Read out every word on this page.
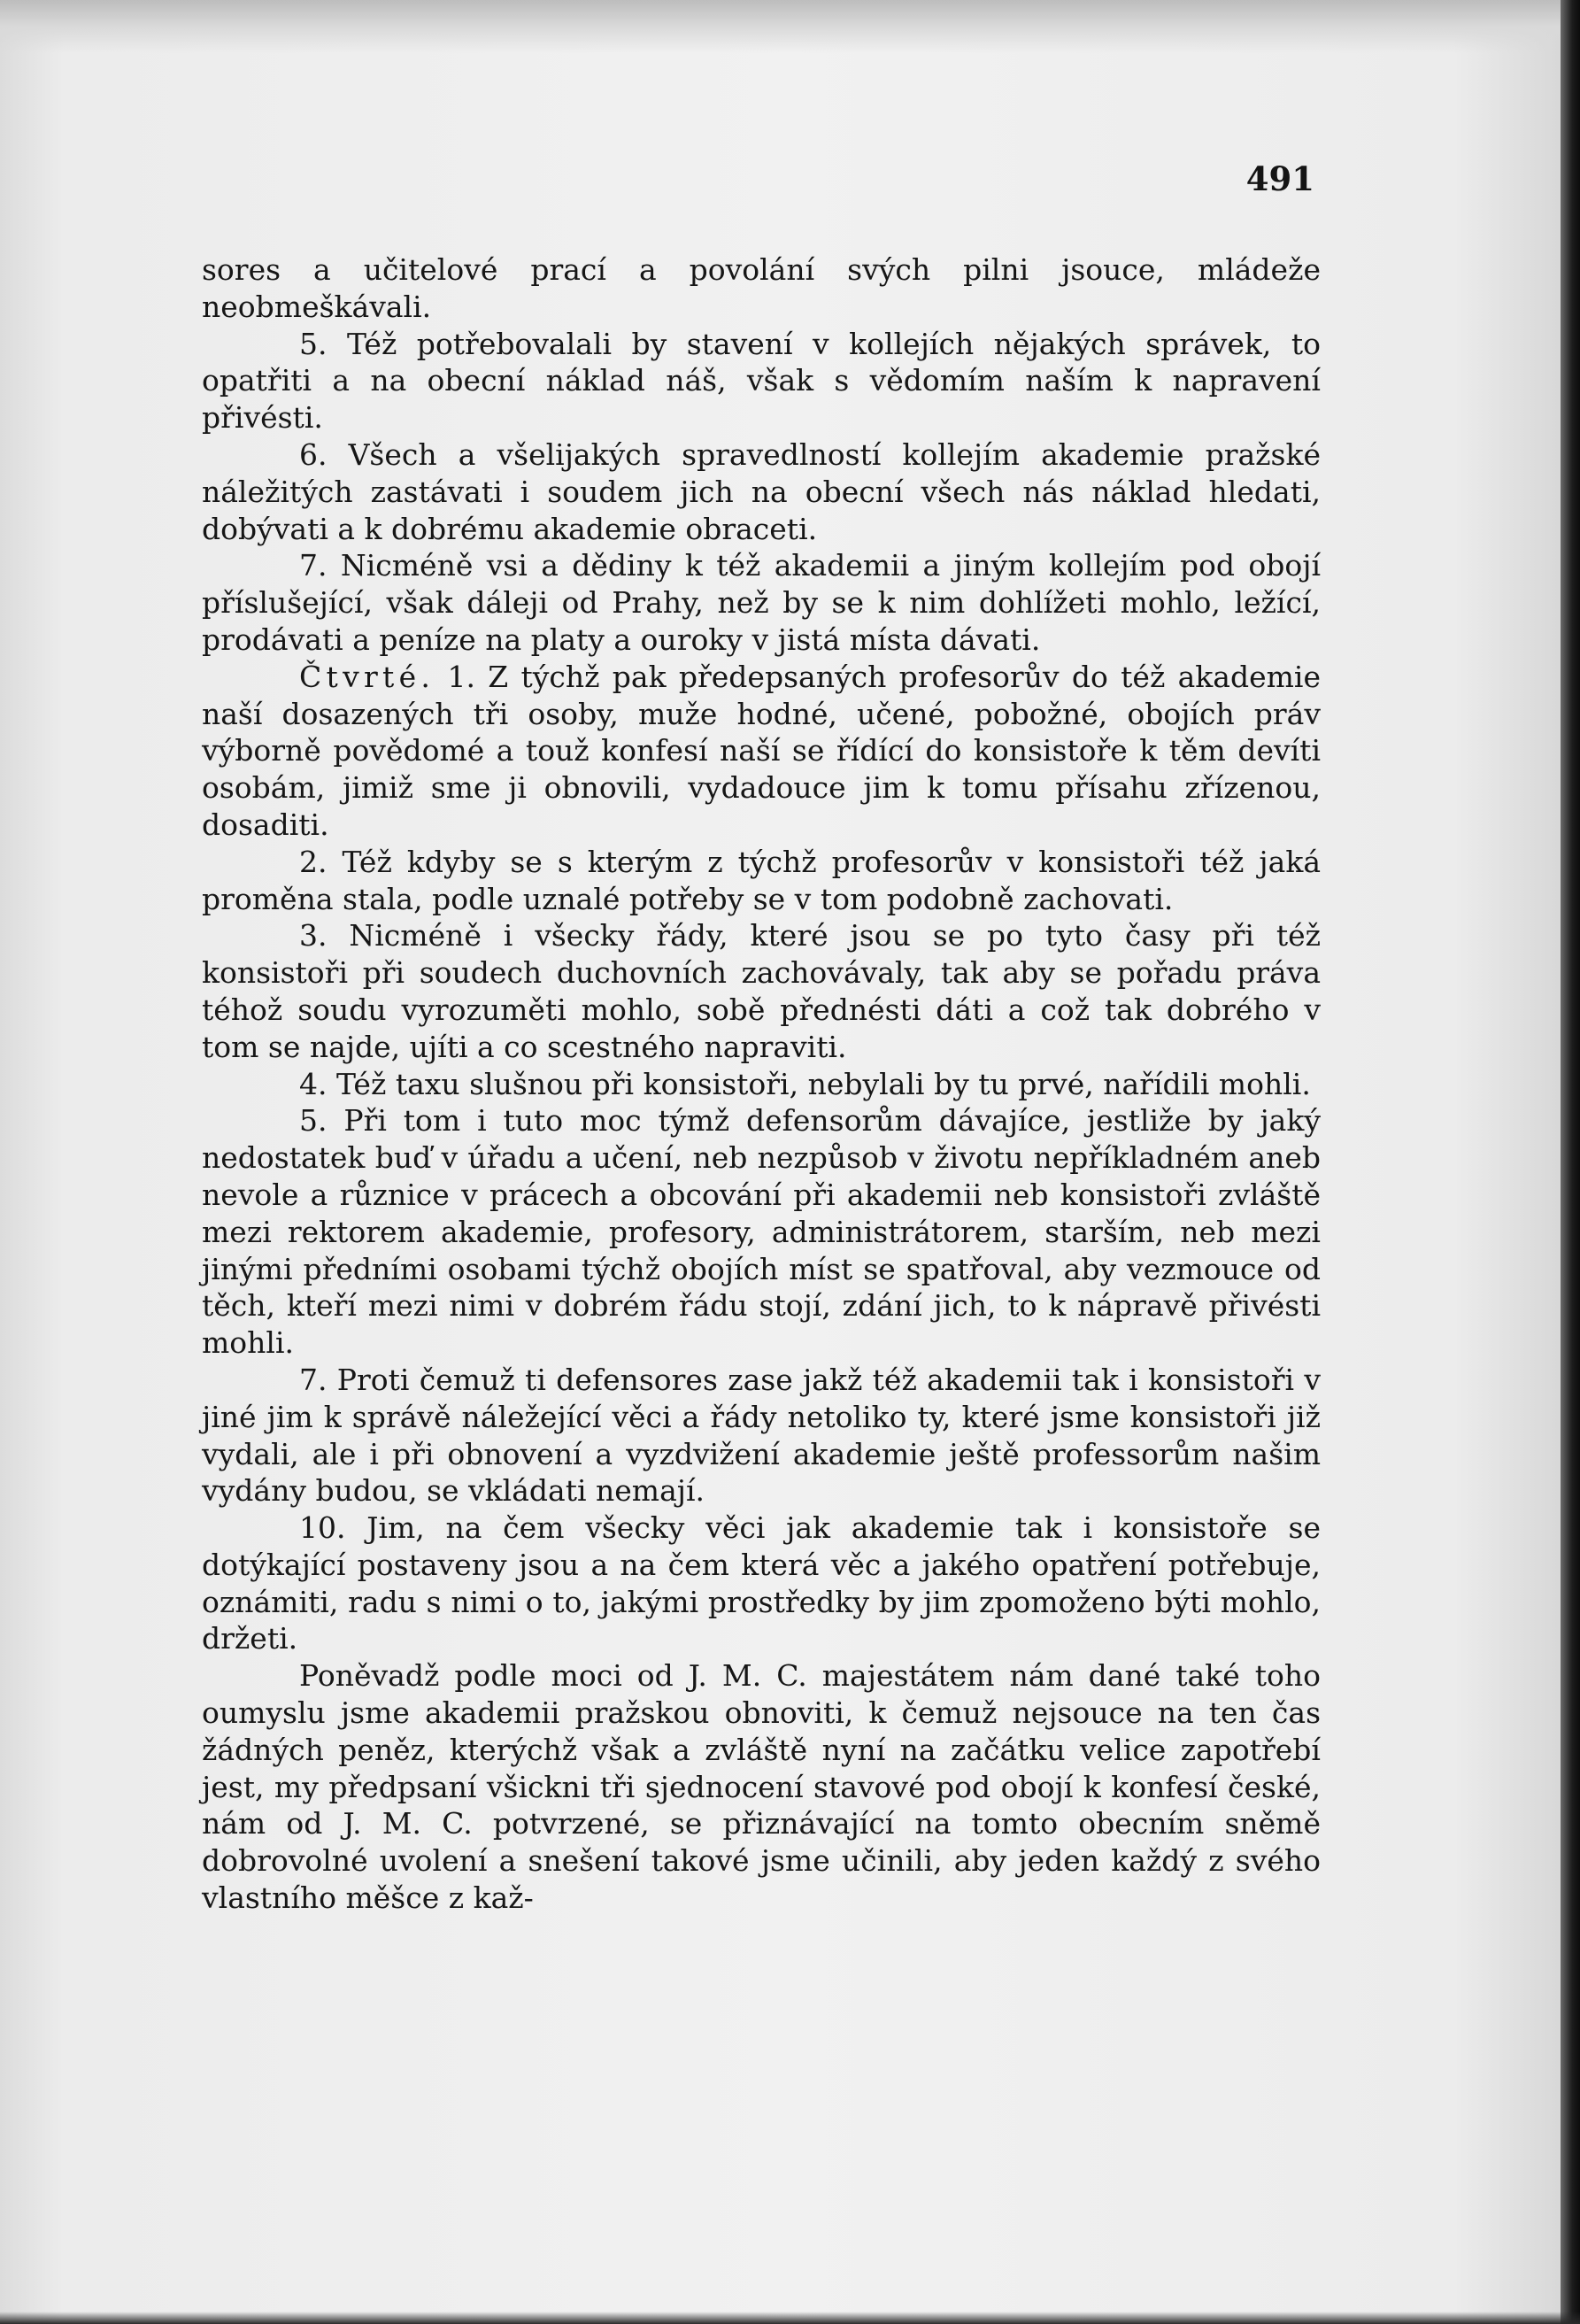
491

sores a učitelové prací a povolání svých pilni jsouce, mládeže neobmeškávali.

5. Též potřebovalali by stavení v kollejích nějakých správek, to opatřiti a na obecní náklad náš, však s vědomím naším k napravení přivésti.

6. Všech a všelijakých spravedlností kollejím akademie pražské náležitých zastávati i soudem jich na obecní všech nás náklad hledati, dobývati a k dobrému akademie obraceti.

7. Nicméně vsi a dědiny k též akademii a jiným kollejím pod obojí příslušející, však dáleji od Prahy, než by se k nim dohlížeti mohlo, ležící, prodávati a peníze na platy a ouroky v jistá místa dávati.

Čtvrté. 1. Z týchž pak předepsaných profesorův do též akademie naší dosazených tři osoby, muže hodné, učené, pobožné, obojích práv výborně povědomé a touž konfesí naší se řídící do konsistoře k těm devíti osobám, jimiž sme ji obnovili, vydadouce jim k tomu přísahu zřízenou, dosaditi.

2. Též kdyby se s kterým z týchž profesorův v konsistoři též jaká proměna stala, podle uznalé potřeby se v tom podobně zachovati.

3. Nicméně i všecky řády, které jsou se po tyto časy při též konsistoři při soudech duchovních zachovávaly, tak aby se pořadu práva téhož soudu vyrozuměti mohlo, sobě přednésti dáti a což tak dobrého v tom se najde, ujíti a co scestného napraviti.

4. Též taxu slušnou při konsistoři, nebylali by tu prvé, nařídili mohli.

5. Při tom i tuto moc týmž defensorům dávajíce, jestliže by jaký nedostatek buď v úřadu a učení, neb nezpůsob v životu nepříkladném aneb nevole a různice v prácech a obcování při akademii neb konsistoři zvláště mezi rektorem akademie, profesory, administrátorem, starším, neb mezi jinými předními osobami týchž obojích míst se spatřoval, aby vezmouce od těch, kteří mezi nimi v dobrém řádu stojí, zdání jich, to k nápravě přivésti mohli.

7. Proti čemuž ti defensores zase jakž též akademii tak i konsistoři v jiné jim k správě náležející věci a řády netoliko ty, které jsme konsistoři již vydali, ale i při obnovení a vyzdvižení akademie ještě professorům našim vydány budou, se vkládati nemají.

10. Jim, na čem všecky věci jak akademie tak i konsistoře se dotýkající postaveny jsou a na čem která věc a jakého opatření potřebuje, oznámiti, radu s nimi o to, jakými prostředky by jim zpomoženo býti mohlo, držeti.

Poněvadž podle moci od J. M. C. majestátem nám dané také toho oumyslu jsme akademii pražskou obnoviti, k čemuž nejsouce na ten čas žádných peněz, kterýchž však a zvláště nyní na začátku velice zapotřebí jest, my předpsaní všickni tři sjednocení stavové pod obojí k konfesí české, nám od J. M. C. potvrzené, se přiznávající na tomto obecním sněmě dobrovolné uvolení a snešení takové jsme učinili, aby jeden každý z svého vlastního měšce z kaž-
